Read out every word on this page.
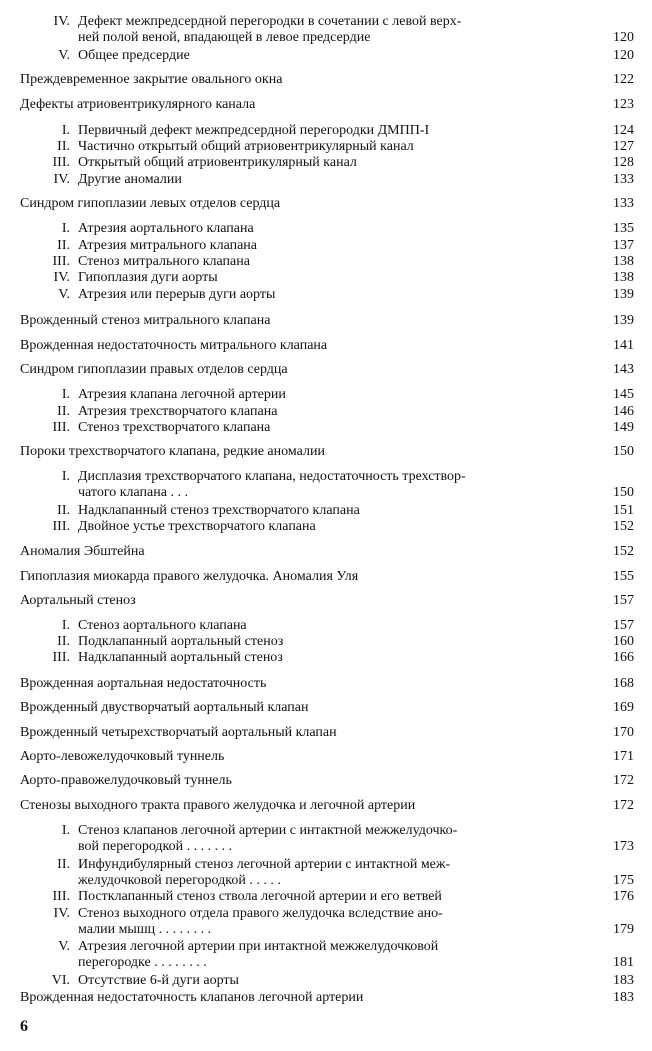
IV. Дефект межпредсердной перегородки в сочетании с левой верх-
ней полой веной, впадающей в левое предсердие	120
V. Общее предсердие	120
Преждевременное закрытие овального окна	122
Дефекты атриовентрикулярного канала	123
I. Первичный дефект межпредсердной перегородки ДМПП-I	124
II. Частично открытый общий атриовентрикулярный канал	127
III. Открытый общий атриовентрикулярный канал	128
IV. Другие аномалии	133
Синдром гипоплазии левых отделов сердца	133
I. Атрезия аортального клапана	135
II. Атрезия митрального клапана	137
III. Стеноз митрального клапана	138
IV. Гипоплазия дуги аорты	138
V. Атрезия или перерыв дуги аорты	139
Врожденный стеноз митрального клапана	139
Врожденная недостаточность митрального клапана	141
Синдром гипоплазии правых отделов сердца	143
I. Атрезия клапана легочной артерии	145
II. Атрезия трехстворчатого клапана	146
III. Стеноз трехстворчатого клапана	149
Пороки трехстворчатого клапана, редкие аномалии	150
I. Дисплазия трехстворчатого клапана, недостаточность трехствор-
чатого клапана . . .	150
II. Надклапанный стеноз трехстворчатого клапана	151
III. Двойное устье трехстворчатого клапана	152
Аномалия Эбштейна	152
Гипоплазия миокарда правого желудочка. Аномалия Уля	155
Аортальный стеноз	157
I. Стеноз аортального клапана	157
II. Подклапанный аортальный стеноз	160
III. Надклапанный аортальный стеноз	166
Врожденная аортальная недостаточность	168
Врожденный двустворчатый аортальный клапан	169
Врожденный четырехстворчатый аортальный клапан	170
Аорто-левожелудочковый туннель	171
Аорто-правожелудочковый туннель	172
Стенозы выходного тракта правого желудочка и легочной артерии	172
I. Стеноз клапанов легочной артерии с интактной межжелудочко-
вой перегородкой . . . . . . .	173
II. Инфундибулярный стеноз легочной артерии с интактной меж-
желудочковой перегородкой . . . . .	175
III. Постклапанный стеноз ствола легочной артерии и его ветвей	176
IV. Стеноз выходного отдела правого желудочка вследствие ано-
малии мышц . . . . . . . .	179
V. Атрезия легочной артерии при интактной межжелудочковой
перегородке . . . . . . . .	181
VI. Отсутствие 6-й дуги аорты	183
Врожденная недостаточность клапанов легочной артерии	183
6
